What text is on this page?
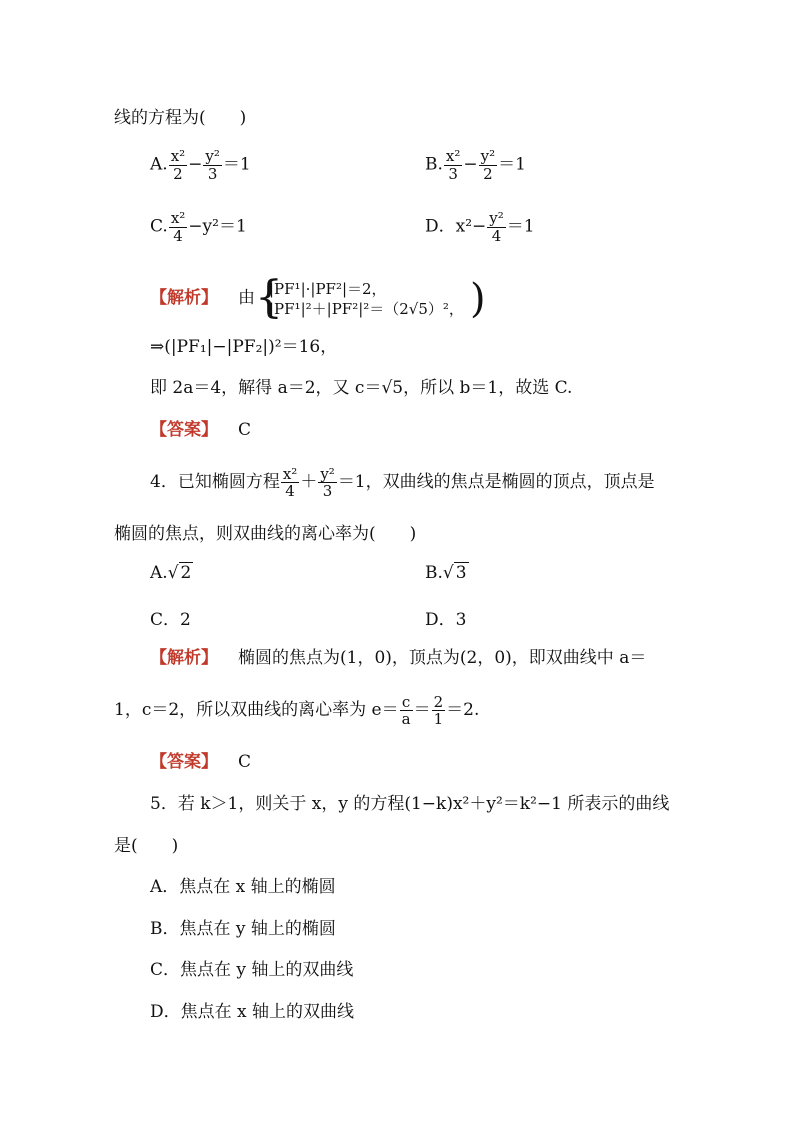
线的方程为(　　)
A. $\frac{\text{x²}}{2} - \frac{\text{y²}}{3} =1$	B. $\frac{\text{x²}}{3} - \frac{\text{y²}}{2} =1$
C. $\frac{\text{x²}}{4} -y^2=1$	D．$x^2- \frac{\text{y²}}{4} =1$
【解析】 由
{ |PF¹|·|PF²|＝2，
|PF¹|²＋|PF²|²＝（2√5）²， )
⇒(|PF₁|−|PF₂|)²＝16，
即 2a＝4，解得 a＝2，又 c＝√5，所以 b＝1，故选 C.
【答案】 C
4．已知椭圆方程 $\frac{\text{x²}}{4} + \frac{\text{y²}}{3} =1$，双曲线的焦点是椭圆的顶点，顶点是
椭圆的焦点，则双曲线的离心率为(　　)
A.√ 2	B.√ 3
C．2	D．3
【解析】 椭圆的焦点为(1，0)，顶点为(2，0)，即双曲线中 a＝
1，c＝2，所以双曲线的离心率为 $e= \frac{c}{a} = \frac{2}{1} =2$.
【答案】 C
5．若 k＞1，则关于 x，y 的方程(1−k)x²＋y²＝k²−1 所表示的曲线
是(　　)
A．焦点在 x 轴上的椭圆
B．焦点在 y 轴上的椭圆
C．焦点在 y 轴上的双曲线
D．焦点在 x 轴上的双曲线
